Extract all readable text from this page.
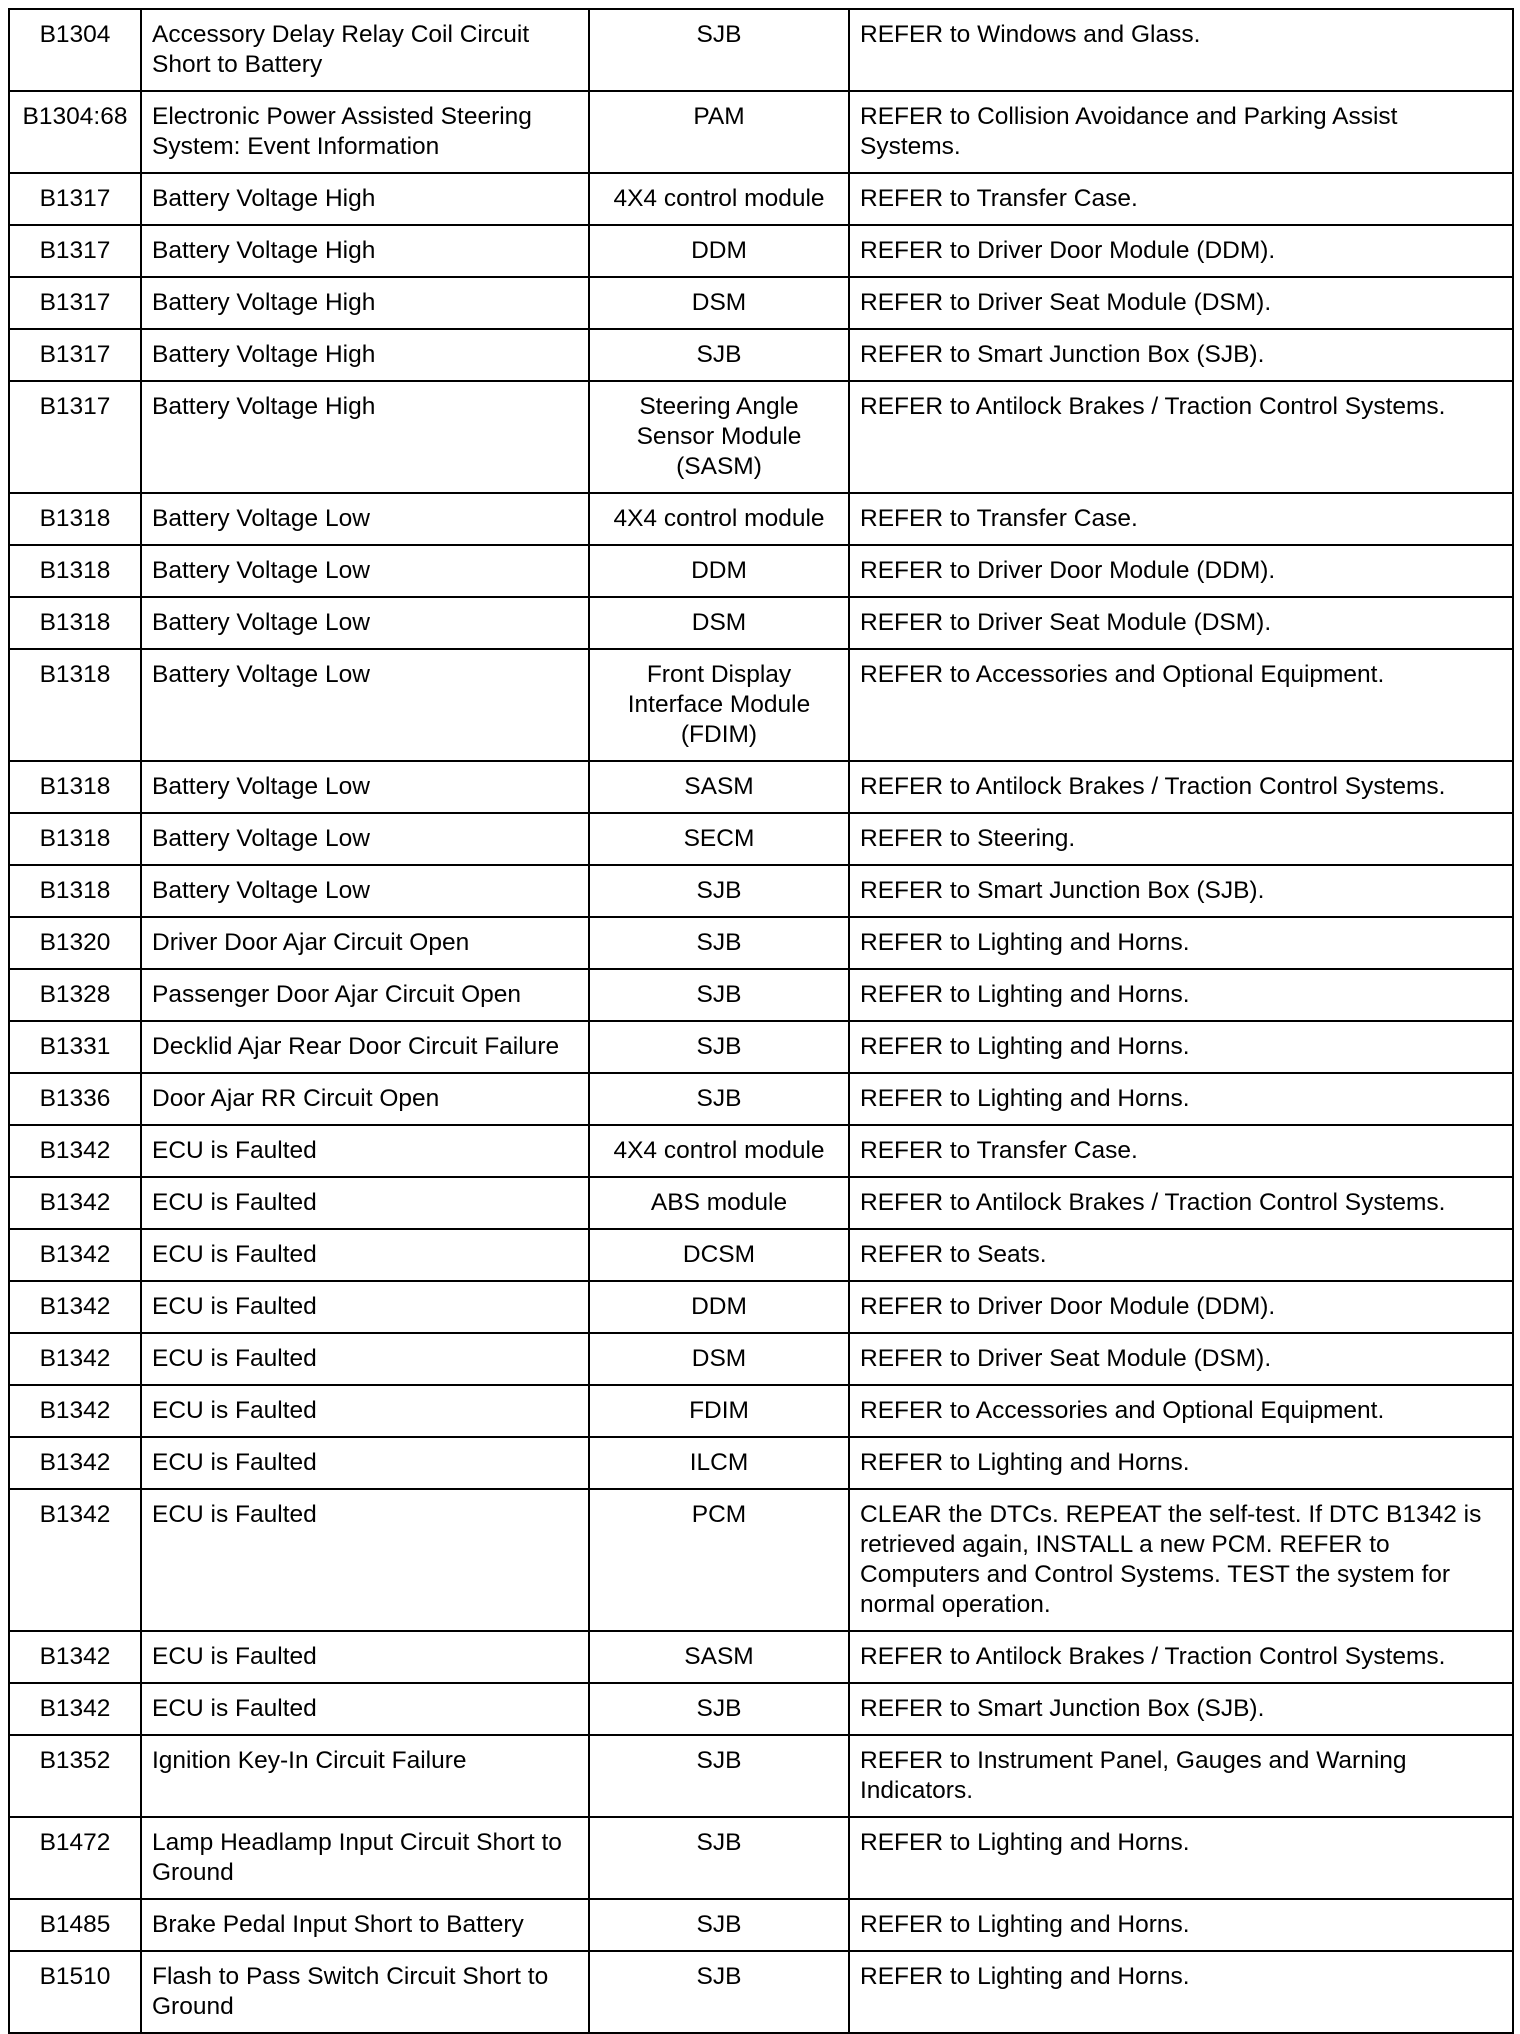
B1304	Accessory Delay Relay Coil Circuit Short to Battery	SJB	REFER to Windows and Glass.
B1304:68	Electronic Power Assisted Steering System: Event Information	PAM	REFER to Collision Avoidance and Parking Assist Systems.
B1317	Battery Voltage High	4X4 control module	REFER to Transfer Case.
B1317	Battery Voltage High	DDM	REFER to Driver Door Module (DDM).
B1317	Battery Voltage High	DSM	REFER to Driver Seat Module (DSM).
B1317	Battery Voltage High	SJB	REFER to Smart Junction Box (SJB).
B1317	Battery Voltage High	Steering Angle Sensor Module (SASM)	REFER to Antilock Brakes / Traction Control Systems.
B1318	Battery Voltage Low	4X4 control module	REFER to Transfer Case.
B1318	Battery Voltage Low	DDM	REFER to Driver Door Module (DDM).
B1318	Battery Voltage Low	DSM	REFER to Driver Seat Module (DSM).
B1318	Battery Voltage Low	Front Display Interface Module (FDIM)	REFER to Accessories and Optional Equipment.
B1318	Battery Voltage Low	SASM	REFER to Antilock Brakes / Traction Control Systems.
B1318	Battery Voltage Low	SECM	REFER to Steering.
B1318	Battery Voltage Low	SJB	REFER to Smart Junction Box (SJB).
B1320	Driver Door Ajar Circuit Open	SJB	REFER to Lighting and Horns.
B1328	Passenger Door Ajar Circuit Open	SJB	REFER to Lighting and Horns.
B1331	Decklid Ajar Rear Door Circuit Failure	SJB	REFER to Lighting and Horns.
B1336	Door Ajar RR Circuit Open	SJB	REFER to Lighting and Horns.
B1342	ECU is Faulted	4X4 control module	REFER to Transfer Case.
B1342	ECU is Faulted	ABS module	REFER to Antilock Brakes / Traction Control Systems.
B1342	ECU is Faulted	DCSM	REFER to Seats.
B1342	ECU is Faulted	DDM	REFER to Driver Door Module (DDM).
B1342	ECU is Faulted	DSM	REFER to Driver Seat Module (DSM).
B1342	ECU is Faulted	FDIM	REFER to Accessories and Optional Equipment.
B1342	ECU is Faulted	ILCM	REFER to Lighting and Horns.
B1342	ECU is Faulted	PCM	CLEAR the DTCs. REPEAT the self-test. If DTC B1342 is retrieved again, INSTALL a new PCM. REFER to Computers and Control Systems. TEST the system for normal operation.
B1342	ECU is Faulted	SASM	REFER to Antilock Brakes / Traction Control Systems.
B1342	ECU is Faulted	SJB	REFER to Smart Junction Box (SJB).
B1352	Ignition Key-In Circuit Failure	SJB	REFER to Instrument Panel, Gauges and Warning Indicators.
B1472	Lamp Headlamp Input Circuit Short to Ground	SJB	REFER to Lighting and Horns.
B1485	Brake Pedal Input Short to Battery	SJB	REFER to Lighting and Horns.
B1510	Flash to Pass Switch Circuit Short to Ground	SJB	REFER to Lighting and Horns.
